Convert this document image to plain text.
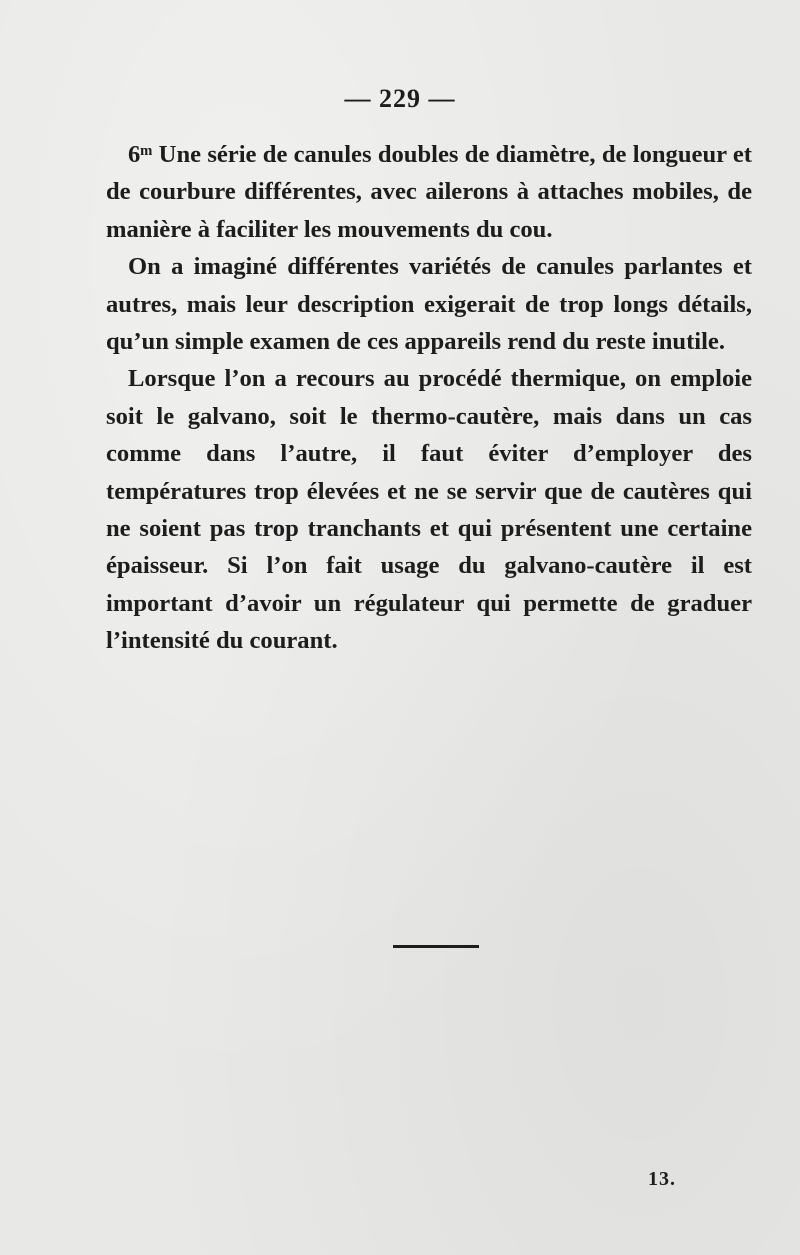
— 229 —

6ᵐ Une série de canules doubles de diamètre, de longueur et de courbure différentes, avec ailerons à attaches mobiles, de manière à faciliter les mouvements du cou.

On a imaginé différentes variétés de canules parlantes et autres, mais leur description exigerait de trop longs détails, qu’un simple examen de ces appareils rend du reste inutile.

Lorsque l’on a recours au procédé thermique, on emploie soit le galvano, soit le thermo-cautère, mais dans un cas comme dans l’autre, il faut éviter d’employer des températures trop élevées et ne se servir que de cautères qui ne soient pas trop tranchants et qui présentent une certaine épaisseur. Si l’on fait usage du galvano-cautère il est important d’avoir un régulateur qui permette de graduer l’intensité du courant.

13.
